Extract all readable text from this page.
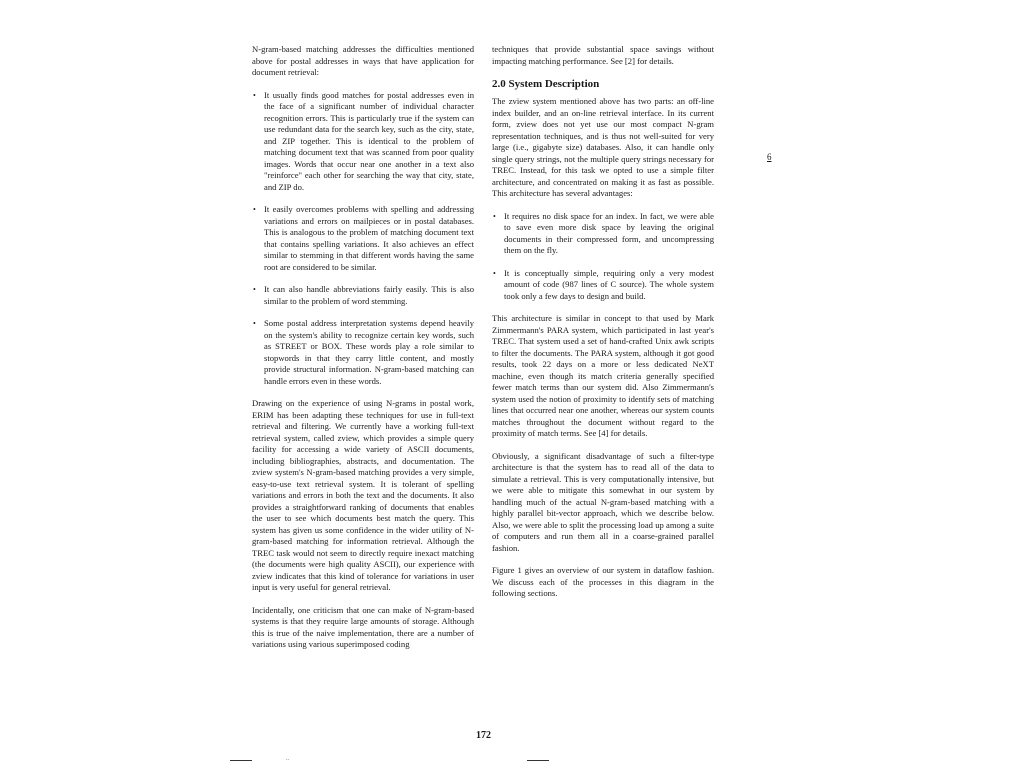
N-gram-based matching addresses the difficulties mentioned above for postal addresses in ways that have application for document retrieval:

• It usually finds good matches for postal addresses even in the face of a significant number of individual character recognition errors. This is particularly true if the system can use redundant data for the search key, such as the city, state, and ZIP together. This is identical to the problem of matching document text that was scanned from poor quality images. Words that occur near one another in a text also "reinforce" each other for searching the way that city, state, and ZIP do.
• It easily overcomes problems with spelling and addressing variations and errors on mailpieces or in postal databases. This is analogous to the problem of matching document text that contains spelling variations. It also achieves an effect similar to stemming in that different words having the same root are considered to be similar.
• It can also handle abbreviations fairly easily. This is also similar to the problem of word stemming.
• Some postal address interpretation systems depend heavily on the system's ability to recognize certain key words, such as STREET or BOX. These words play a role similar to stopwords in that they carry little content, and mostly provide structural information. N-gram-based matching can handle errors even in these words.

Drawing on the experience of using N-grams in postal work, ERIM has been adapting these techniques for use in full-text retrieval and filtering. We currently have a working full-text retrieval system, called zview, which provides a simple query facility for accessing a wide variety of ASCII documents, including bibliographies, abstracts, and documentation. The zview system's N-gram-based matching provides a very simple, easy-to-use text retrieval system. It is tolerant of spelling variations and errors in both the text and the documents. It also provides a straightforward ranking of documents that enables the user to see which documents best match the query. This system has given us some confidence in the wider utility of N-gram-based matching for information retrieval. Although the TREC task would not seem to directly require inexact matching (the documents were high quality ASCII), our experience with zview indicates that this kind of tolerance for variations in user input is very useful for general retrieval.

Incidentally, one criticism that one can make of N-gram-based systems is that they require large amounts of storage. Although this is true of the naive implementation, there are a number of variations using various superimposed coding

techniques that provide substantial space savings without impacting matching performance. See [2] for details.

2.0 System Description

The zview system mentioned above has two parts: an off-line index builder, and an on-line retrieval interface. In its current form, zview does not yet use our most compact N-gram representation techniques, and is thus not well-suited for very large (i.e., gigabyte size) databases. Also, it can handle only single query strings, not the multiple query strings necessary for TREC. Instead, for this task we opted to use a simple filter architecture, and concentrated on making it as fast as possible. This architecture has several advantages:

• It requires no disk space for an index. In fact, we were able to save even more disk space by leaving the original documents in their compressed form, and uncompressing them on the fly.
• It is conceptually simple, requiring only a very modest amount of code (987 lines of C source). The whole system took only a few days to design and build.

This architecture is similar in concept to that used by Mark Zimmermann's PARA system, which participated in last year's TREC. That system used a set of hand-crafted Unix awk scripts to filter the documents. The PARA system, although it got good results, took 22 days on a more or less dedicated NeXT machine, even though its match criteria generally specified fewer match terms than our system did. Also Zimmermann's system used the notion of proximity to identify sets of matching lines that occurred near one another, whereas our system counts matches throughout the document without regard to the proximity of match terms. See [4] for details.

Obviously, a significant disadvantage of such a filter-type architecture is that the system has to read all of the data to simulate a retrieval. This is very computationally intensive, but we were able to mitigate this somewhat in our system by handling much of the actual N-gram-based matching with a highly parallel bit-vector approach, which we describe below. Also, we were able to split the processing load up among a suite of computers and run them all in a coarse-grained parallel fashion.

Figure 1 gives an overview of our system in dataflow fashion. We discuss each of the processes in this diagram in the following sections.

6
172
..
